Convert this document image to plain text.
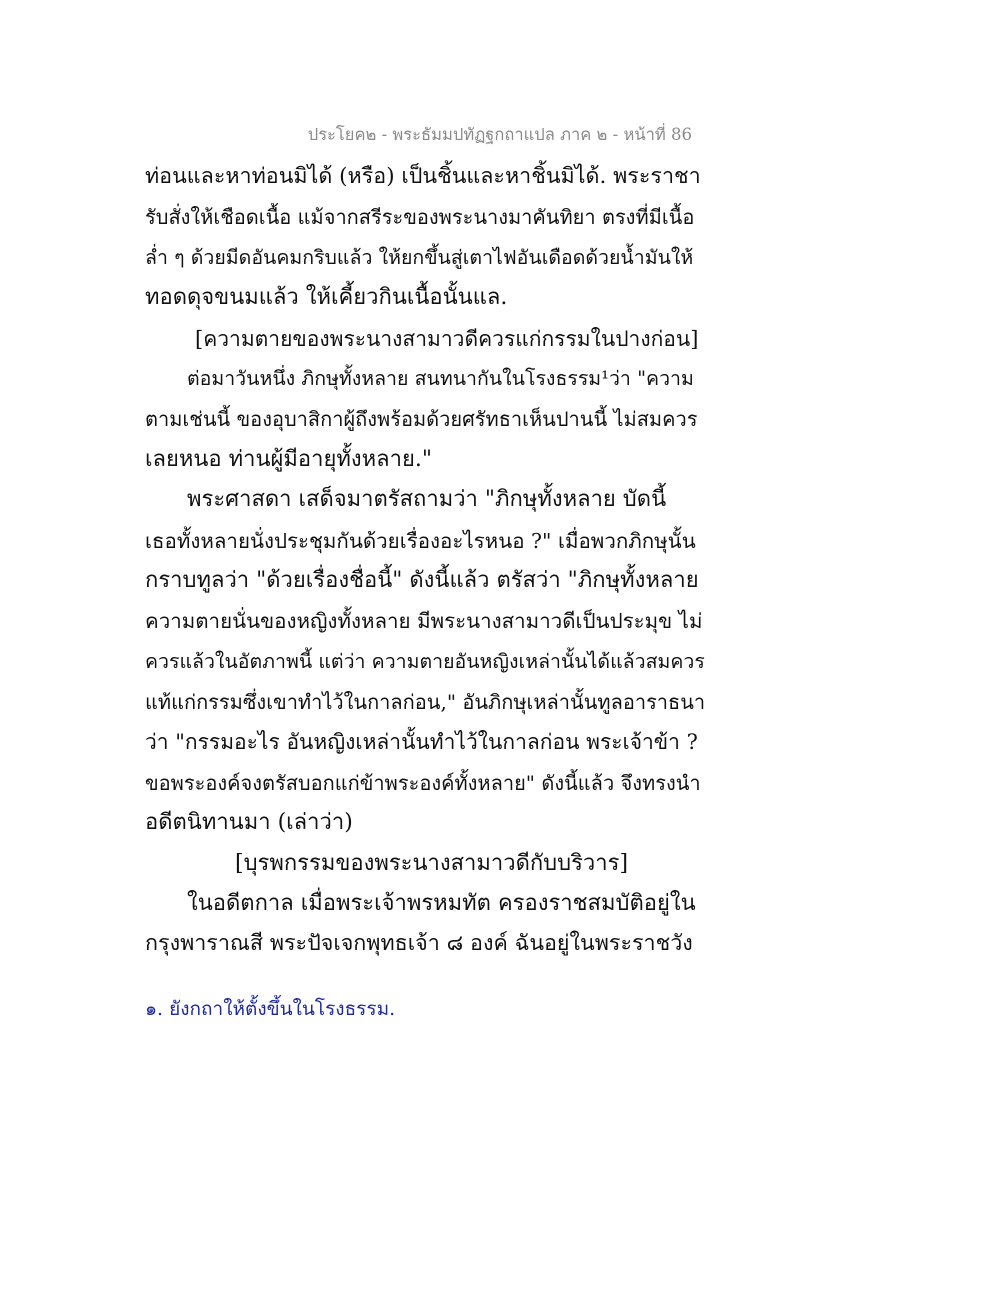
ประโยค๒ - พระธัมมปทัฏฐกถาแปล ภาค ๒ - หน้าที่ 86
ท่อนและหาท่อนมิได้ (หรือ) เป็นชิ้นและหาชิ้นมิได้. พระราชา
รับสั่งให้เชือดเนื้อ แม้จากสรีระของพระนางมาคันทิยา ตรงที่มีเนื้อ
ล่ำ ๆ ด้วยมีดอันคมกริบแล้ว ให้ยกขึ้นสู่เตาไฟอันเดือดด้วยน้ำมันให้
ทอดดุจขนมแล้ว ให้เคี้ยวกินเนื้อนั้นแล.
[ความตายของพระนางสามาวดีควรแก่กรรมในปางก่อน]
ต่อมาวันหนึ่ง ภิกษุทั้งหลาย สนทนากันในโรงธรรม¹ว่า "ความ
ตามเช่นนี้ ของอุบาสิกาผู้ถึงพร้อมด้วยศรัทธาเห็นปานนี้ ไม่สมควร
เลยหนอ ท่านผู้มีอายุทั้งหลาย."
พระศาสดา เสด็จมาตรัสถามว่า "ภิกษุทั้งหลาย บัดนี้
เธอทั้งหลายนั่งประชุมกันด้วยเรื่องอะไรหนอ ?" เมื่อพวกภิกษุนั้น
กราบทูลว่า "ด้วยเรื่องชื่อนี้" ดังนี้แล้ว ตรัสว่า "ภิกษุทั้งหลาย
ความตายนั่นของหญิงทั้งหลาย มีพระนางสามาวดีเป็นประมุข ไม่
ควรแล้วในอัตภาพนี้ แต่ว่า ความตายอันหญิงเหล่านั้นได้แล้วสมควร
แท้แก่กรรมซึ่งเขาทำไว้ในกาลก่อน," อันภิกษุเหล่านั้นทูลอาราธนา
ว่า "กรรมอะไร อันหญิงเหล่านั้นทำไว้ในกาลก่อน พระเจ้าข้า ?
ขอพระองค์จงตรัสบอกแก่ข้าพระองค์ทั้งหลาย" ดังนี้แล้ว จึงทรงนำ
อดีตนิทานมา (เล่าว่า)
[บุรพกรรมของพระนางสามาวดีกับบริวาร]
ในอดีตกาล เมื่อพระเจ้าพรหมทัต ครองราชสมบัติอยู่ใน
กรุงพาราณสี พระปัจเจกพุทธเจ้า ๘ องค์ ฉันอยู่ในพระราชวัง
๑. ยังกถาให้ตั้งขึ้นในโรงธรรม.
